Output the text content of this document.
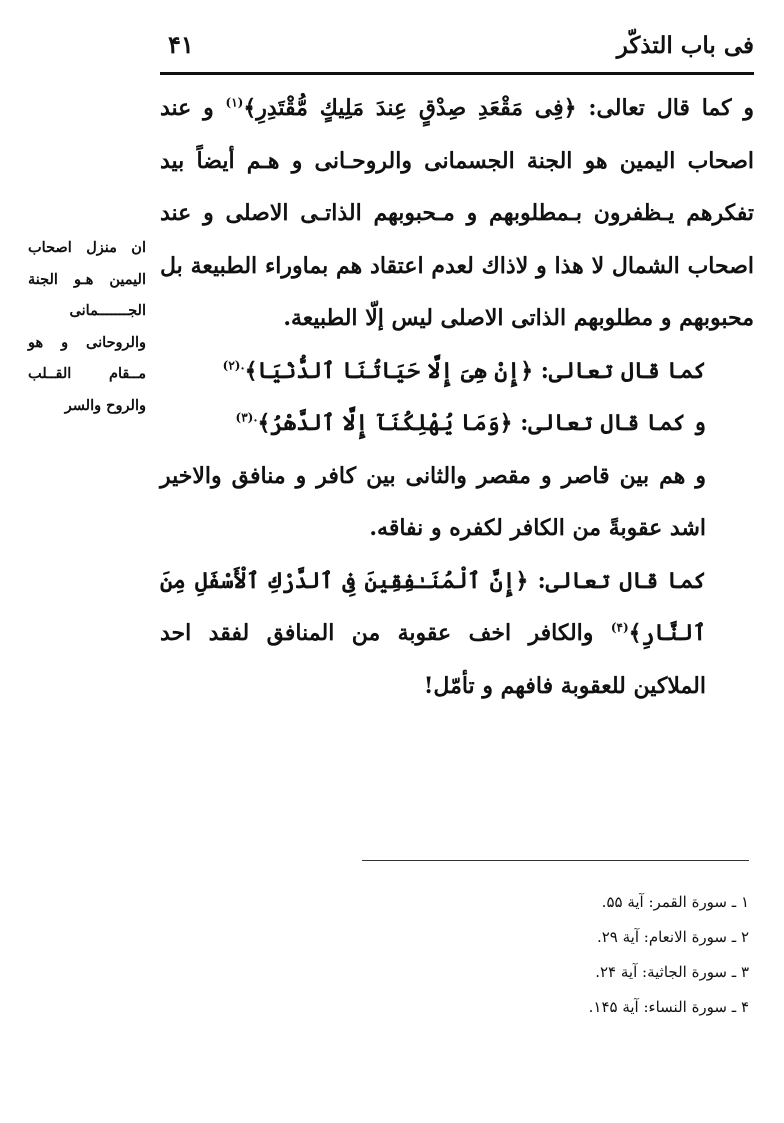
فی باب التذکّر
۴۱

و کما قال تعالی: ﴿فِی مَقْعَدِ صِدْقٍ عِندَ مَلِیكٍ مُّقْتَدِرِ﴾$^{(۱)}$ و عند اصحاب الیمین هو الجنة الجسمانی والروحـانی و هـم أیضاً بید تفکرهم یـظفرون بـمطلوبهم و مـحبوبهم الذاتـی الاصلی و عند اصحاب الشمال لا هذا و لاذاك لعدم اعتقاد هم بماوراء الطبیعة بل محبوبهم و مطلوبهم الذاتی الاصلی لیس إلّا الطبیعة.

کما قال تعالی: ﴿إِنْ هِیَ إِلَّا حَیَاتُنَا ٱلدُّنْیَا﴾$^{.(۲)}$

و کما قال تعالی: ﴿وَمَا یُهْلِكُنَآ إِلَّا ٱلدَّهْرُ﴾$^{.(۳)}$

و هم بین قاصر و مقصر والثانی بین کافر و منافق والاخیر اشد عقوبةً من الکافر لکفره و نفاقه.

کما قال تعالی: ﴿إِنَّ ٱلْمُنَـٰفِقِینَ فِی ٱلدَّرْكِ ٱلْأَسْفَلِ مِنَ ٱلنَّارِ﴾$^{(۴)}$ والکافر اخف عقوبة من المنافق لفقد احد الملاکین للعقوبة فافهم و تأمّل!

ان منزل اصحاب
الیمین هـو الجنة
الجـــــــمانی
والروحانی و هو
مــقام القــلب
والروح والسر
۱ ـ سورة القمر: آیة ۵۵.
۲ ـ سورة الانعام: آیة ۲۹.
۳ ـ سورة الجاثیة: آیة ۲۴.
۴ ـ سورة النساء: آیة ۱۴۵.
